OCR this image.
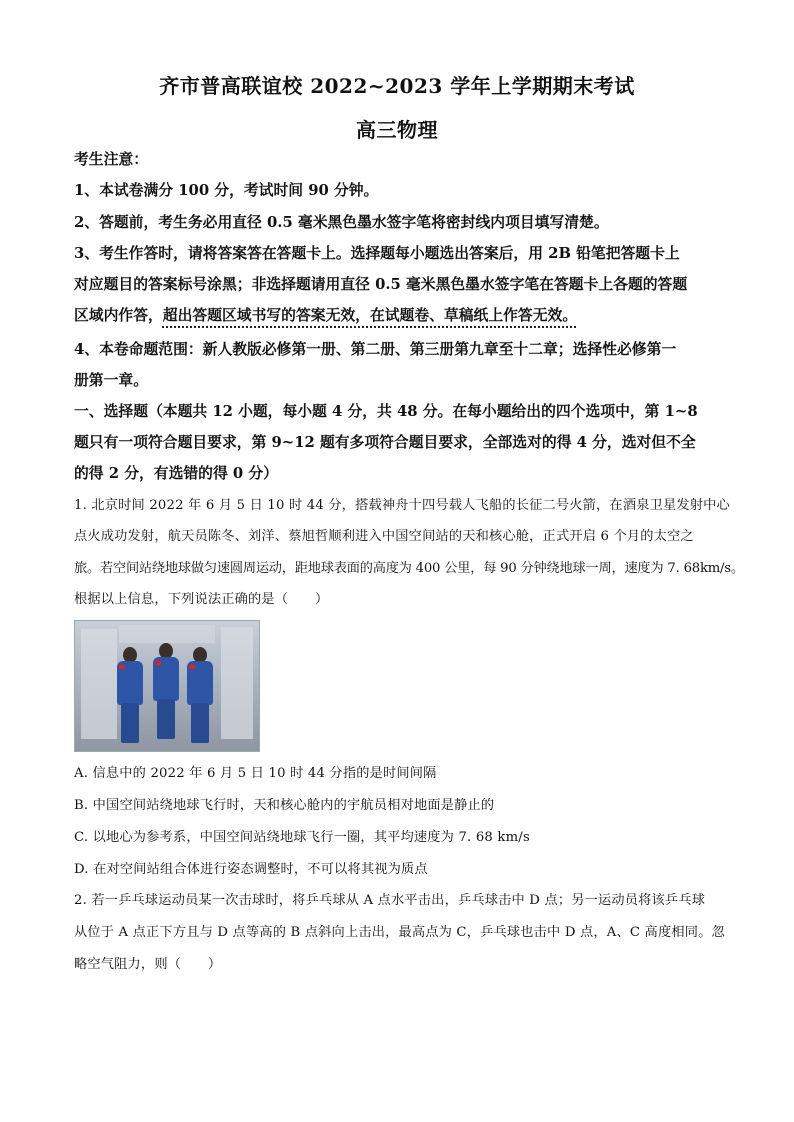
齐市普高联谊校 2022~2023 学年上学期期末考试
高三物理
考生注意：
1、本试卷满分 100 分，考试时间 90 分钟。
2、答题前，考生务必用直径 0.5 毫米黑色墨水签字笔将密封线内项目填写清楚。
3、考生作答时，请将答案答在答题卡上。选择题每小题选出答案后，用 2B 铅笔把答题卡上
对应题目的答案标号涂黑；非选择题请用直径 0.5 毫米黑色墨水签字笔在答题卡上各题的答题
区域内作答，超出答题区域书写的答案无效，在试题卷、草稿纸上作答无效。
4、本卷命题范围：新人教版必修第一册、第二册、第三册第九章至十二章；选择性必修第一
册第一章。
一、选择题（本题共 12 小题，每小题 4 分，共 48 分。在每小题给出的四个选项中，第 1~8
题只有一项符合题目要求，第 9~12 题有多项符合题目要求，全部选对的得 4 分，选对但不全
的得 2 分，有选错的得 0 分）
1. 北京时间 2022 年 6 月 5 日 10 时 44 分，搭载神舟十四号载人飞船的长征二号火箭，在酒泉卫星发射中心
点火成功发射，航天员陈冬、刘洋、蔡旭哲顺利进入中国空间站的天和核心舱，正式开启 6 个月的太空之
旅。若空间站绕地球做匀速圆周运动，距地球表面的高度为 400 公里，每 90 分钟绕地球一周，速度为 7. 68km/s。
根据以上信息，下列说法正确的是（　　）
A. 信息中的 2022 年 6 月 5 日 10 时 44 分指的是时间间隔
B. 中国空间站绕地球飞行时，天和核心舱内的宇航员相对地面是静止的
C. 以地心为参考系，中国空间站绕地球飞行一圈，其平均速度为 7. 68 km/s
D. 在对空间站组合体进行姿态调整时，不可以将其视为质点
2. 若一乒乓球运动员某一次击球时，将乒乓球从 A 点水平击出，乒乓球击中 D 点；另一运动员将该乒乓球
从位于 A 点正下方且与 D 点等高的 B 点斜向上击出，最高点为 C，乒乓球也击中 D 点，A、C 高度相同。忽
略空气阻力，则（　　）
